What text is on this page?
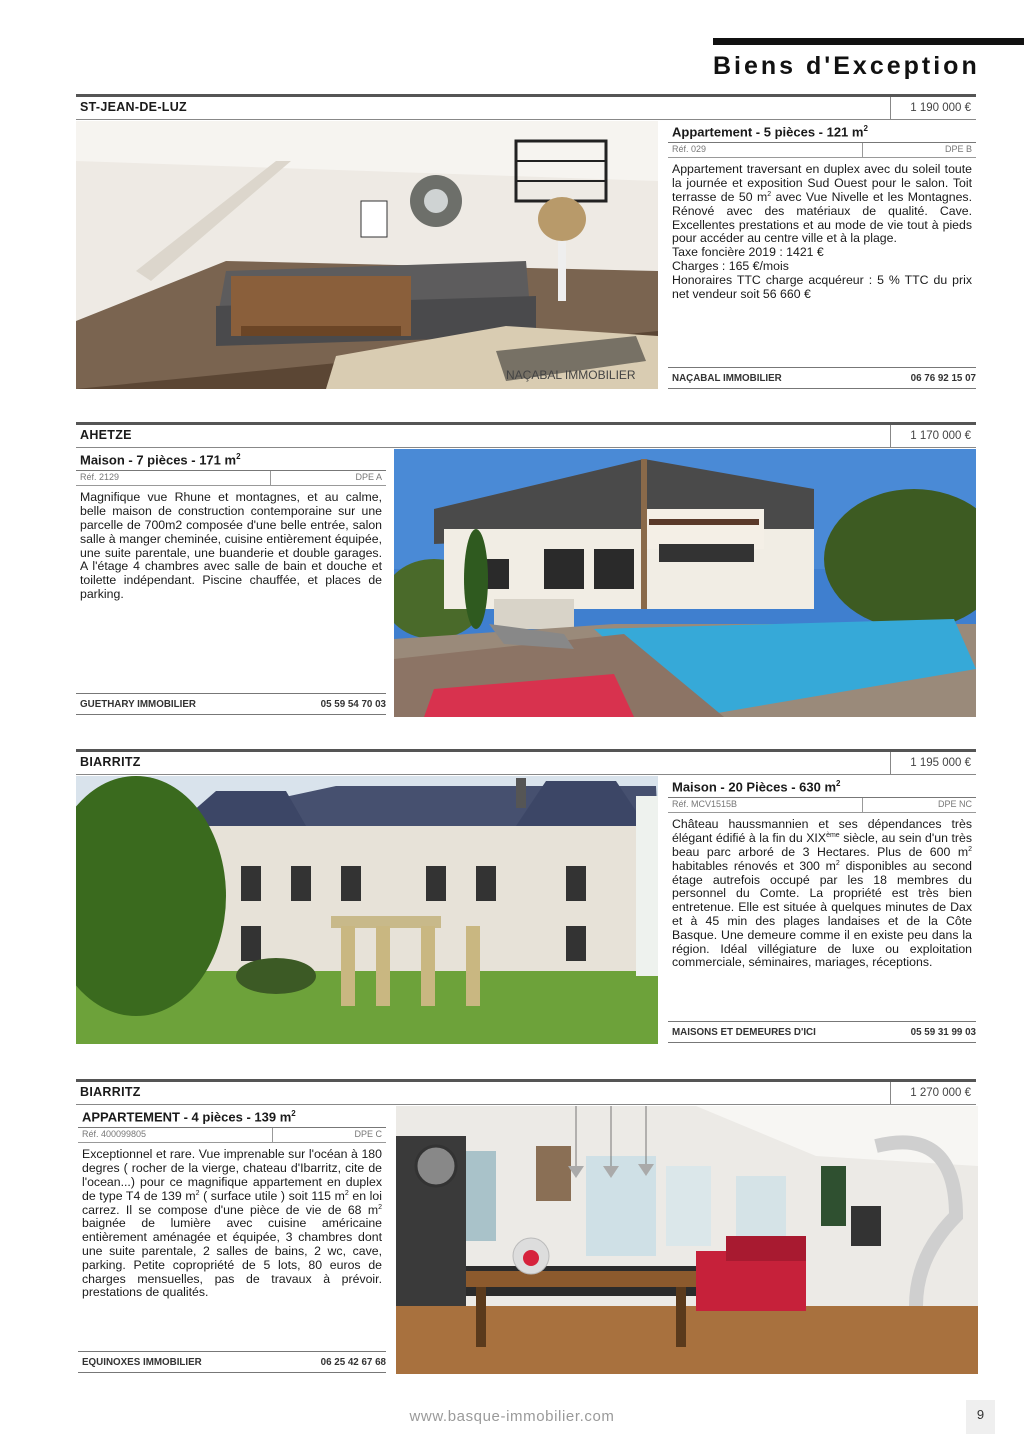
Biens d'Exception
ST-JEAN-DE-LUZ	1 190 000 €
NAÇABAL IMMOBILIER
Appartement - 5 pièces - 121 $m^2$
Réf. 029	DPE B
Appartement traversant en duplex avec du soleil toute la journée et exposition Sud Ouest pour le salon. Toit terrasse de 50 $m^2$ avec Vue Nivelle et les Montagnes. Rénové avec des matériaux de qualité. Cave. Excellentes prestations et au mode de vie tout à pieds pour accéder au centre ville et à la plage.
Taxe foncière 2019 : 1421 €
Charges : 165 €/mois
Honoraires TTC charge acquéreur : 5 % TTC du prix net vendeur soit 56 660 €
NAÇABAL IMMOBILIER	06 76 92 15 07
AHETZE	1 170 000 €
Maison - 7 pièces - 171 $m^2$
Réf. 2129	DPE A
Magnifique vue Rhune et montagnes, et au calme, belle maison de construction contemporaine sur une parcelle de 700m2 composée d'une belle entrée, salon salle à manger cheminée, cuisine entièrement équipée, une suite parentale, une buanderie et double garages. A l'étage 4 chambres avec salle de bain et douche et toilette indépendant. Piscine chauffée, et places de parking.
GUETHARY IMMOBILIER	05 59 54 70 03
BIARRITZ	1 195 000 €
Maison - 20 Pièces - 630 $m^2$
Réf. MCV1515B	DPE NC
Château haussmannien et ses dépendances très élégant édifié à la fin du XIXème siècle, au sein d'un très beau parc arboré de 3 Hectares. Plus de 600 $m^2$ habitables rénovés et 300 $m^2$ disponibles au second étage autrefois occupé par les 18 membres du personnel du Comte. La propriété est très bien entretenue. Elle est située à quelques minutes de Dax et à 45 min des plages landaises et de la Côte Basque. Une demeure comme il en existe peu dans la région. Idéal villégiature de luxe ou exploitation commerciale, séminaires, mariages, réceptions.
MAISONS ET DEMEURES D'ICI	05 59 31 99 03
BIARRITZ	1 270 000 €
APPARTEMENT - 4 pièces - 139 $m^2$
Réf. 400099805	DPE C
Exceptionnel et rare. Vue imprenable sur l'océan à 180 degres ( rocher de la vierge, chateau d'Ibarritz, cite de l'ocean...) pour ce magnifique appartement en duplex de type T4 de 139 $m^2$ ( surface utile ) soit 115 $m^2$ en loi carrez. Il se compose d'une pièce de vie de 68 $m^2$ baignée de lumière avec cuisine américaine entièrement aménagée et équipée, 3 chambres dont une suite parentale, 2 salles de bains, 2 wc, cave, parking. Petite copropriété de 5 lots, 80 euros de charges mensuelles, pas de travaux à prévoir. prestations de qualités.
EQUINOXES IMMOBILIER	06 25 42 67 68
www.basque-immobilier.com	9
